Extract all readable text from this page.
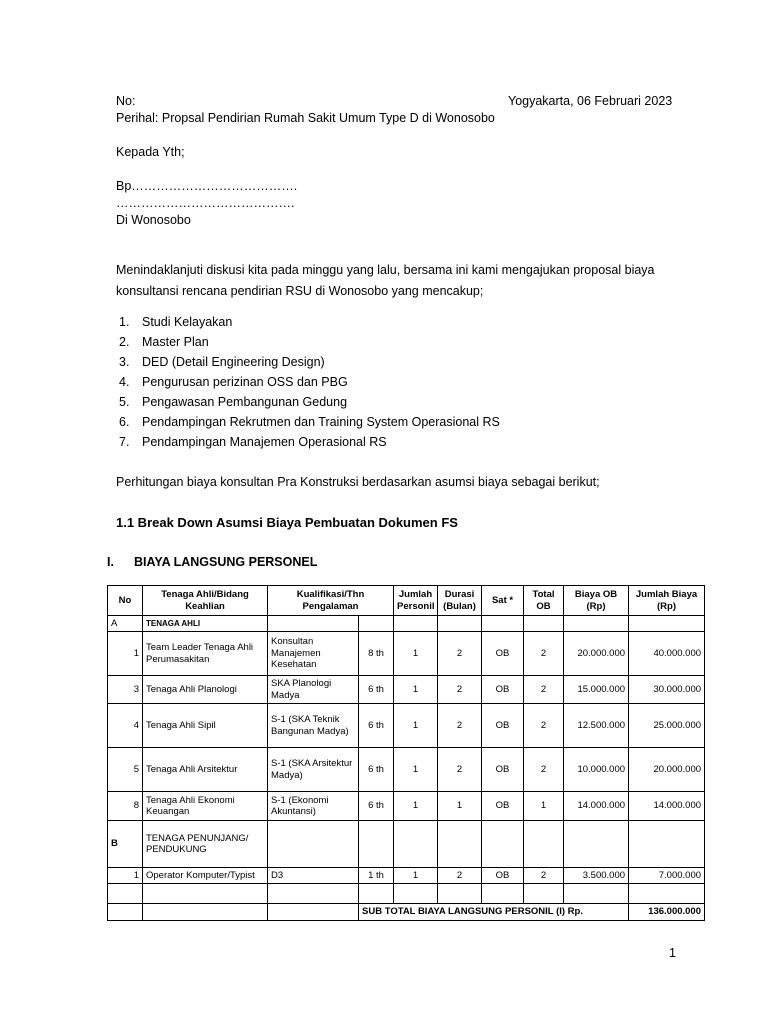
No:	Yogyakarta, 06 Februari 2023
Perihal: Propsal Pendirian Rumah Sakit Umum Type D di Wonosobo
Kepada Yth;
Bp………………………………….
…………………………………….
Di Wonosobo
Menindaklanjuti diskusi kita pada minggu yang lalu, bersama ini kami mengajukan proposal biaya
konsultansi rencana pendirian RSU di Wonosobo yang mencakup;
1. Studi Kelayakan
2. Master Plan
3. DED (Detail Engineering Design)
4. Pengurusan perizinan OSS dan PBG
5. Pengawasan Pembangunan Gedung
6. Pendampingan Rekrutmen dan Training System Operasional RS
7. Pendampingan Manajemen Operasional RS
Perhitungan biaya konsultan Pra Konstruksi berdasarkan asumsi biaya sebagai berikut;
1.1 Break Down Asumsi Biaya Pembuatan Dokumen FS
I. BIAYA LANGSUNG PERSONEL
No	Tenaga Ahli/Bidang Keahlian	Kualifikasi/Thn Pengalaman		Jumlah Personil	Durasi (Bulan)	Sat *	Total OB	Biaya OB (Rp)	Jumlah Biaya (Rp)
A	TENAGA AHLI								
1	Team Leader Tenaga Ahli Perumasakitan	Konsultan Manajemen Kesehatan	8 th	1	2	OB	2	20.000.000	40.000.000
3	Tenaga Ahli Planologi	SKA Planologi Madya	6 th	1	2	OB	2	15.000.000	30.000.000
4	Tenaga Ahli Sipil	S-1 (SKA Teknik Bangunan Madya)	6 th	1	2	OB	2	12.500.000	25.000.000
5	Tenaga Ahli Arsitektur	S-1 (SKA Arsitektur Madya)	6 th	1	2	OB	2	10.000.000	20.000.000
8	Tenaga Ahli Ekonomi Keuangan	S-1 (Ekonomi Akuntansi)	6 th	1	1	OB	1	14.000.000	14.000.000
B	TENAGA PENUNJANG/ PENDUKUNG								
1	Operator Komputer/Typist	D3	1 th	1	2	OB	2	3.500.000	7.000.000

			SUB TOTAL BIAYA LANGSUNG PERSONIL (I) Rp.						136.000.000
1
